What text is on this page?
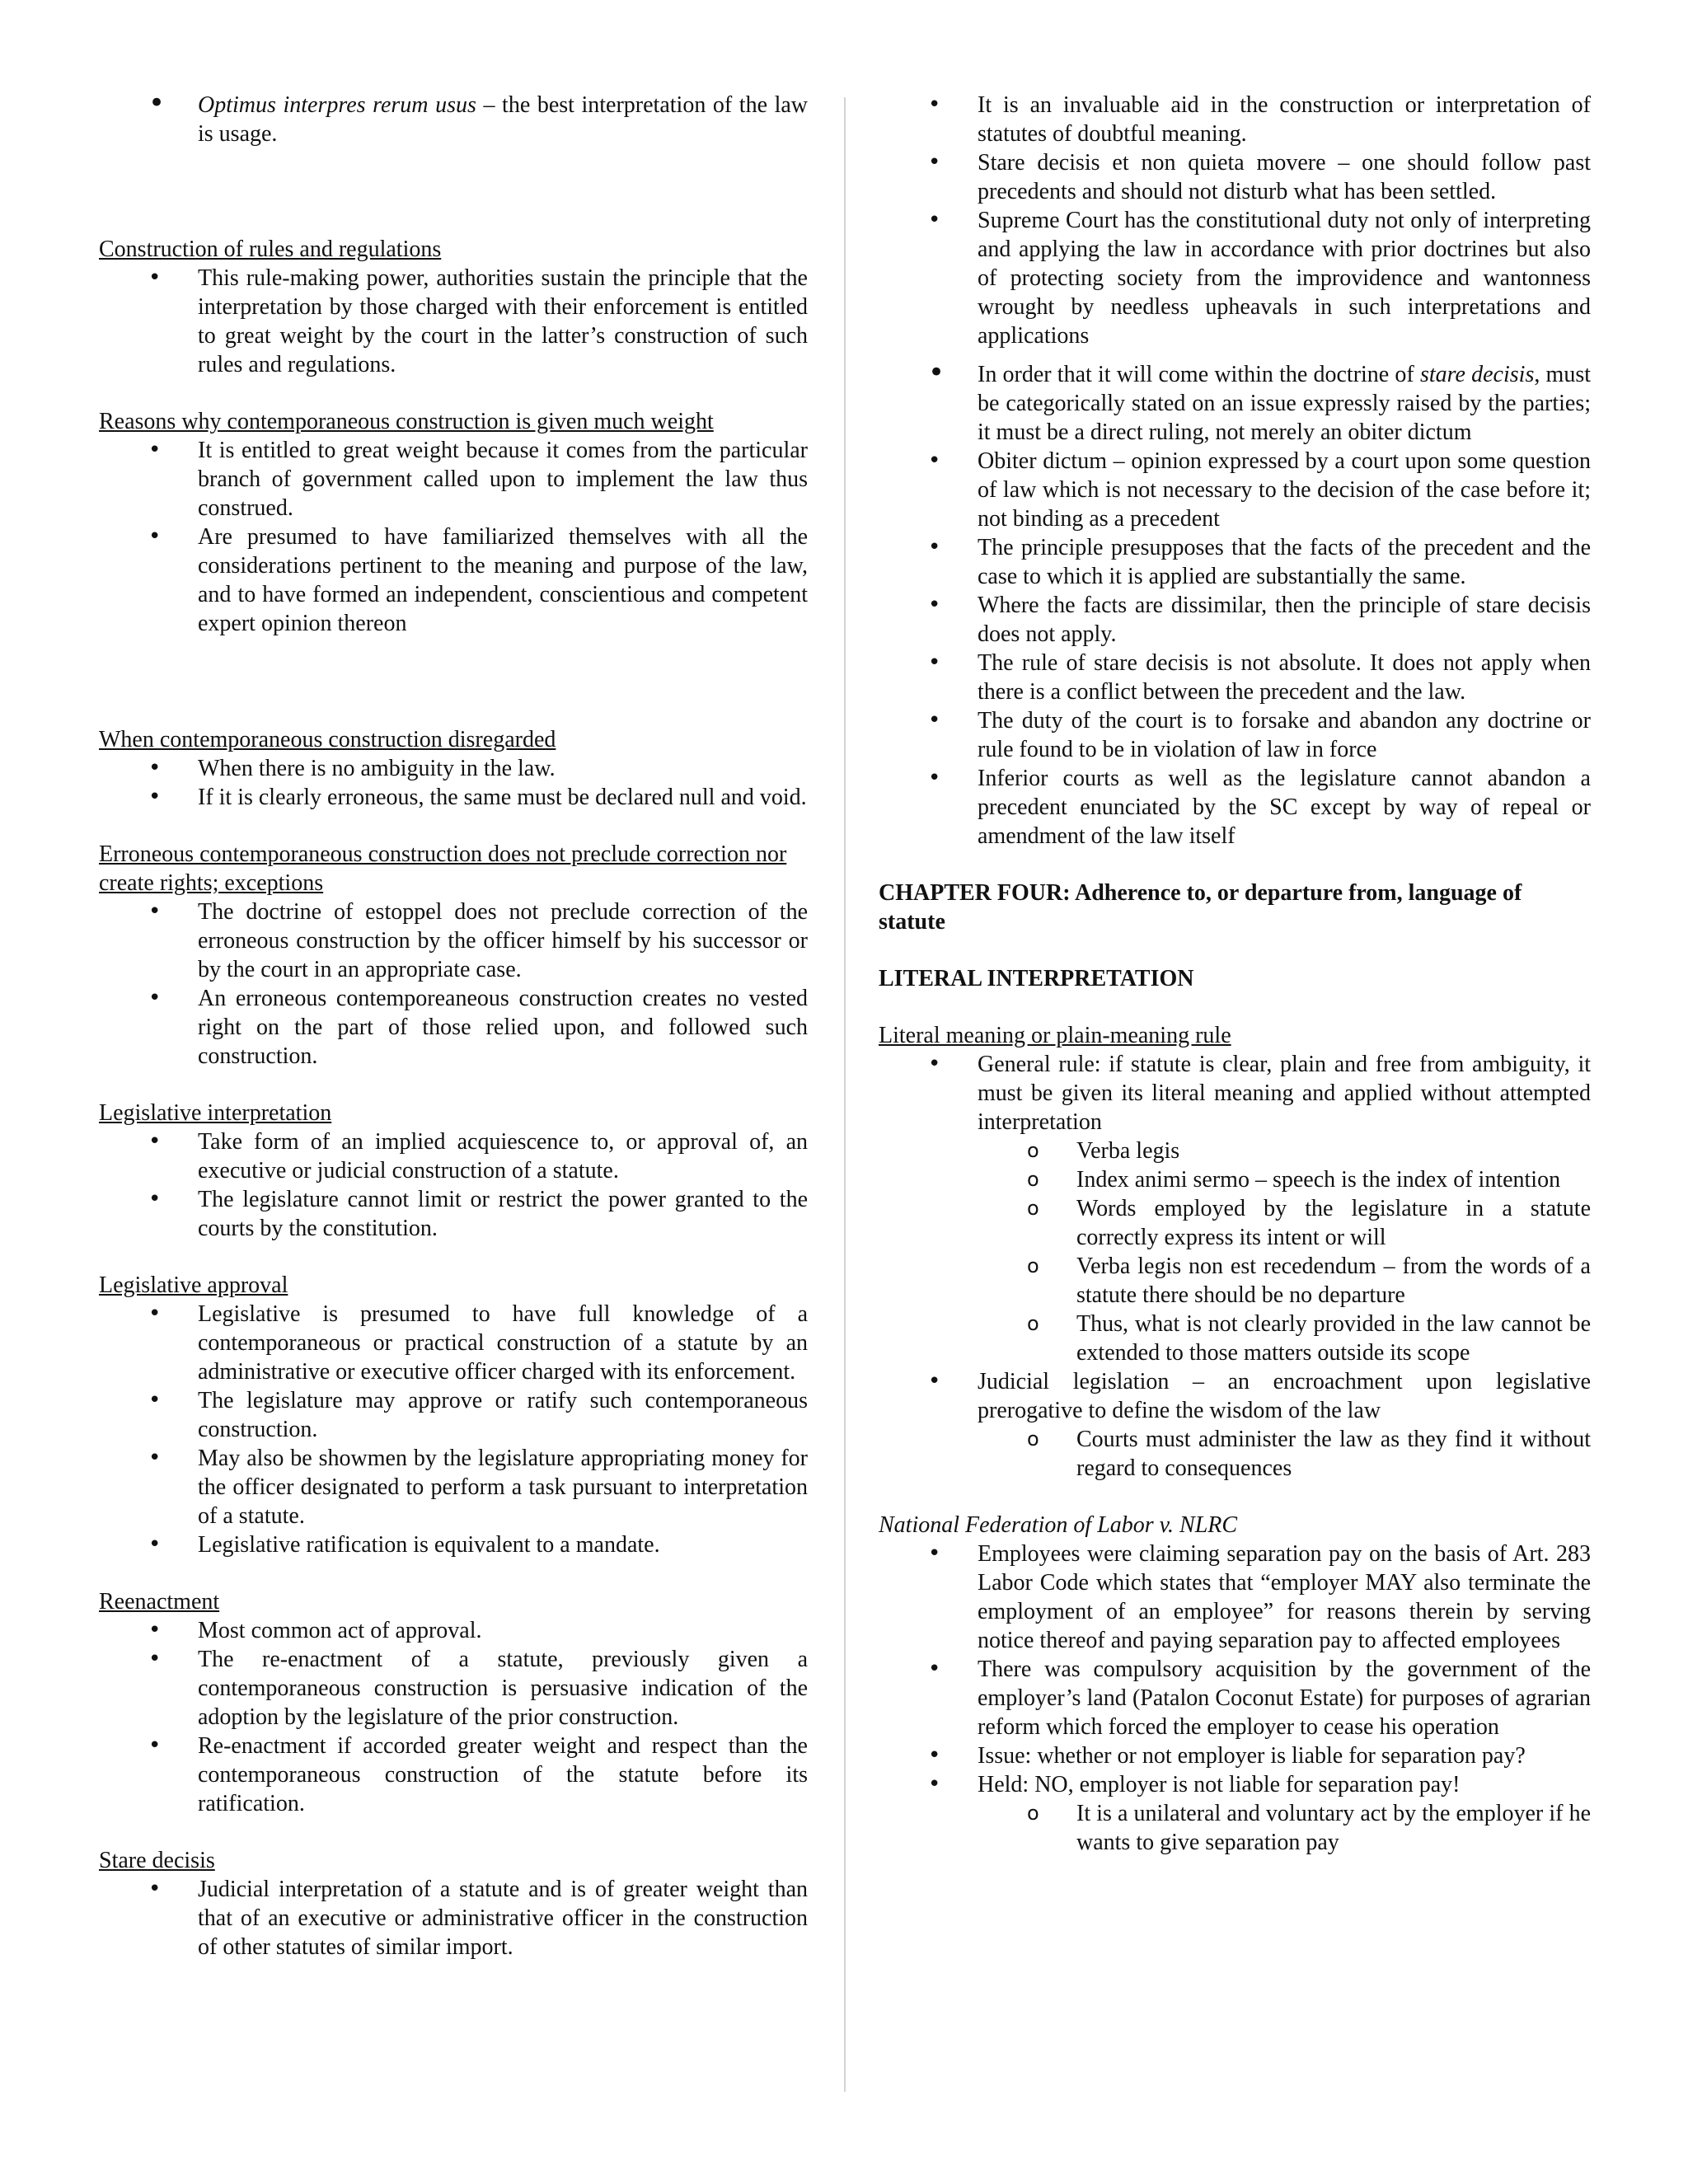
• Optimus interpres rerum usus – the best interpretation of the law is usage.

Construction of rules and regulations

• This rule-making power, authorities sustain the principle that the interpretation by those charged with their enforcement is entitled to great weight by the court in the latter’s construction of such rules and regulations.

Reasons why contemporaneous construction is given much weight

• It is entitled to great weight because it comes from the particular branch of government called upon to implement the law thus construed.
• Are presumed to have familiarized themselves with all the considerations pertinent to the meaning and purpose of the law, and to have formed an independent, conscientious and competent expert opinion thereon

When contemporaneous construction disregarded

• When there is no ambiguity in the law.
• If it is clearly erroneous, the same must be declared null and void.

Erroneous contemporaneous construction does not preclude correction nor create rights; exceptions

• The doctrine of estoppel does not preclude correction of the erroneous construction by the officer himself by his successor or by the court in an appropriate case.
• An erroneous contemporeaneous construction creates no vested right on the part of those relied upon, and followed such construction.

Legislative interpretation

• Take form of an implied acquiescence to, or approval of, an executive or judicial construction of a statute.
• The legislature cannot limit or restrict the power granted to the courts by the constitution.

Legislative approval

• Legislative is presumed to have full knowledge of a contemporaneous or practical construction of a statute by an administrative or executive officer charged with its enforcement.
• The legislature may approve or ratify such contemporaneous construction.
• May also be showmen by the legislature appropriating money for the officer designated to perform a task pursuant to interpretation of a statute.
• Legislative ratification is equivalent to a mandate.

Reenactment

• Most common act of approval.
• The re-enactment of a statute, previously given a contemporaneous construction is persuasive indication of the adoption by the legislature of the prior construction.
• Re-enactment if accorded greater weight and respect than the contemporaneous construction of the statute before its ratification.

Stare decisis

• Judicial interpretation of a statute and is of greater weight than that of an executive or administrative officer in the construction of other statutes of similar import.
• It is an invaluable aid in the construction or interpretation of statutes of doubtful meaning.
• Stare decisis et non quieta movere – one should follow past precedents and should not disturb what has been settled.
• Supreme Court has the constitutional duty not only of interpreting and applying the law in accordance with prior doctrines but also of protecting society from the improvidence and wantonness wrought by needless upheavals in such interpretations and applications
• In order that it will come within the doctrine of stare decisis, must be categorically stated on an issue expressly raised by the parties; it must be a direct ruling, not merely an obiter dictum
• Obiter dictum – opinion expressed by a court upon some question of law which is not necessary to the decision of the case before it; not binding as a precedent
• The principle presupposes that the facts of the precedent and the case to which it is applied are substantially the same.
• Where the facts are dissimilar, then the principle of stare decisis does not apply.
• The rule of stare decisis is not absolute. It does not apply when there is a conflict between the precedent and the law.
• The duty of the court is to forsake and abandon any doctrine or rule found to be in violation of law in force
• Inferior courts as well as the legislature cannot abandon a precedent enunciated by the SC except by way of repeal or amendment of the law itself

CHAPTER FOUR: Adherence to, or departure from, language of statute

LITERAL INTERPRETATION

Literal meaning or plain-meaning rule

• General rule: if statute is clear, plain and free from ambiguity, it must be given its literal meaning and applied without attempted interpretation
o Verba legis
o Index animi sermo – speech is the index of intention
o Words employed by the legislature in a statute correctly express its intent or will
o Verba legis non est recedendum – from the words of a statute there should be no departure
o Thus, what is not clearly provided in the law cannot be extended to those matters outside its scope
• Judicial legislation – an encroachment upon legislative prerogative to define the wisdom of the law
o Courts must administer the law as they find it without regard to consequences

National Federation of Labor v. NLRC

• Employees were claiming separation pay on the basis of Art. 283 Labor Code which states that “employer MAY also terminate the employment of an employee” for reasons therein by serving notice thereof and paying separation pay to affected employees
• There was compulsory acquisition by the government of the employer’s land (Patalon Coconut Estate) for purposes of agrarian reform which forced the employer to cease his operation
• Issue: whether or not employer is liable for separation pay?
• Held: NO, employer is not liable for separation pay!
o It is a unilateral and voluntary act by the employer if he wants to give separation pay
